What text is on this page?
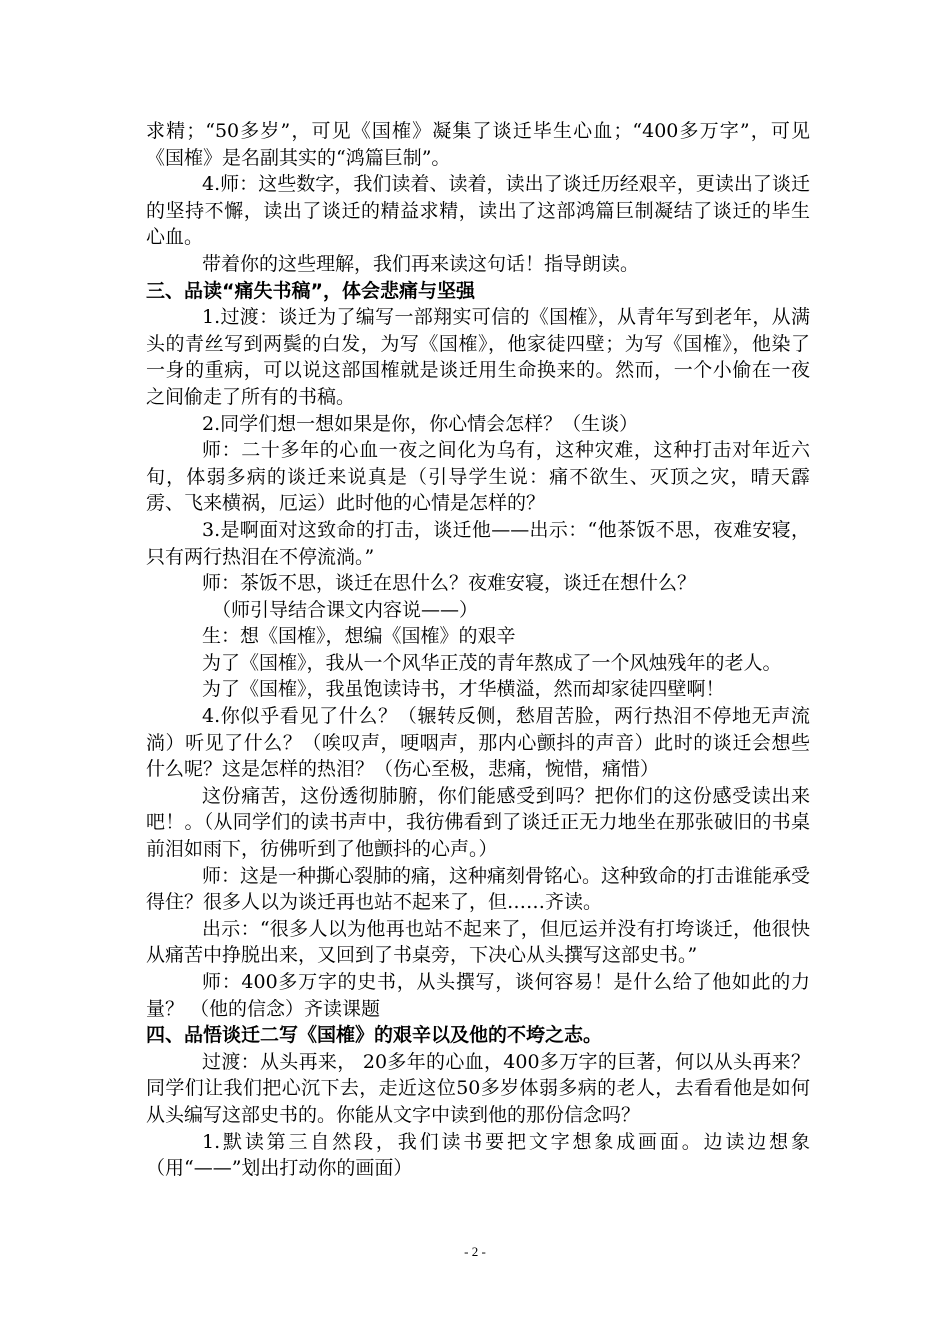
求精；“50多岁”，可见《国榷》凝集了谈迁毕生心血；“400多万字”，可见《国榷》是名副其实的“鸿篇巨制”。

4.师：这些数字，我们读着、读着，读出了谈迁历经艰辛，更读出了谈迁的坚持不懈，读出了谈迁的精益求精，读出了这部鸿篇巨制凝结了谈迁的毕生心血。

带着你的这些理解，我们再来读这句话！指导朗读。

三、品读“痛失书稿”，体会悲痛与坚强

1.过渡：谈迁为了编写一部翔实可信的《国榷》，从青年写到老年，从满头的青丝写到两鬓的白发，为写《国榷》，他家徒四壁；为写《国榷》，他染了一身的重病，可以说这部国榷就是谈迁用生命换来的。然而，一个小偷在一夜之间偷走了所有的书稿。

2.同学们想一想如果是你，你心情会怎样？（生谈）

师：二十多年的心血一夜之间化为乌有，这种灾难，这种打击对年近六旬，体弱多病的谈迁来说真是（引导学生说：痛不欲生、灭顶之灾，晴天霹雳、飞来横祸，厄运）此时他的心情是怎样的？

3.是啊面对这致命的打击，谈迁他——出示：“他茶饭不思，夜难安寝，只有两行热泪在不停流淌。”

师：茶饭不思，谈迁在思什么？夜难安寝，谈迁在想什么？

（师引导结合课文内容说——）

生：想《国榷》，想编《国榷》的艰辛

为了《国榷》，我从一个风华正茂的青年熬成了一个风烛残年的老人。

为了《国榷》，我虽饱读诗书，才华横溢，然而却家徒四壁啊！

4.你似乎看见了什么？（辗转反侧，愁眉苦脸，两行热泪不停地无声流淌）听见了什么？（唉叹声，哽咽声，那内心颤抖的声音）此时的谈迁会想些什么呢？这是怎样的热泪？（伤心至极，悲痛，惋惜，痛惜）

这份痛苦，这份透彻肺腑，你们能感受到吗？把你们的这份感受读出来吧！。（从同学们的读书声中，我彷佛看到了谈迁正无力地坐在那张破旧的书桌前泪如雨下，彷佛听到了他颤抖的心声。）

师：这是一种撕心裂肺的痛，这种痛刻骨铭心。这种致命的打击谁能承受得住？很多人以为谈迁再也站不起来了，但……齐读。

出示：“很多人以为他再也站不起来了，但厄运并没有打垮谈迁，他很快从痛苦中挣脱出来，又回到了书桌旁，下决心从头撰写这部史书。”

师：400多万字的史书，从头撰写，谈何容易！是什么给了他如此的力量？ （他的信念）齐读课题

四、品悟谈迁二写《国榷》的艰辛以及他的不垮之志。

过渡：从头再来， 20多年的心血，400多万字的巨著，何以从头再来？同学们让我们把心沉下去，走近这位50多岁体弱多病的老人，去看看他是如何从头编写这部史书的。你能从文字中读到他的那份信念吗？

1.默读第三自然段，我们读书要把文字想象成画面。边读边想象（用“——”划出打动你的画面）

- 2 -
